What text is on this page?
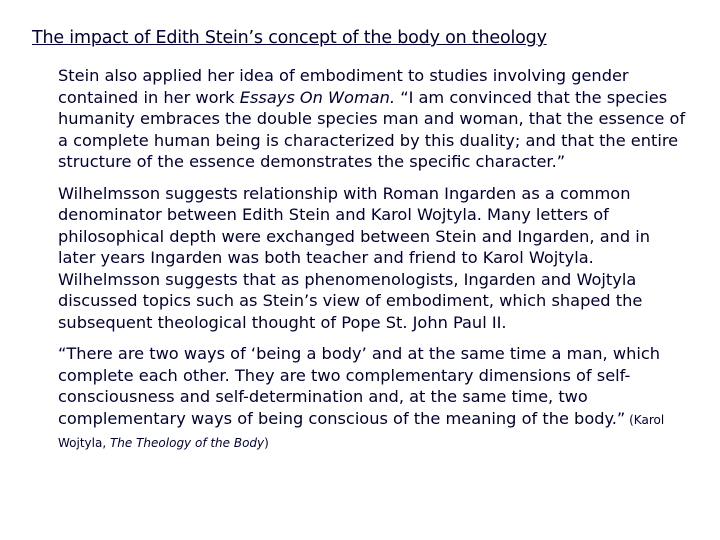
The impact of Edith Stein’s concept of the body on theology

Stein also applied her idea of embodiment to studies involving gender contained in her work Essays On Woman. “I am convinced that the species humanity embraces the double species man and woman, that the essence of a complete human being is characterized by this duality; and that the entire structure of the essence demonstrates the specific character.”

Wilhelmsson suggests relationship with Roman Ingarden as a common denominator between Edith Stein and Karol Wojtyla. Many letters of philosophical depth were exchanged between Stein and Ingarden, and in later years Ingarden was both teacher and friend to Karol Wojtyla. Wilhelmsson suggests that as phenomenologists, Ingarden and Wojtyla discussed topics such as Stein’s view of embodiment, which shaped the subsequent theological thought of Pope St. John Paul II.

“There are two ways of ‘being a body’ and at the same time a man, which complete each other. They are two complementary dimensions of self-consciousness and self-determination and, at the same time, two complementary ways of being conscious of the meaning of the body.” (Karol Wojtyla, The Theology of the Body)
